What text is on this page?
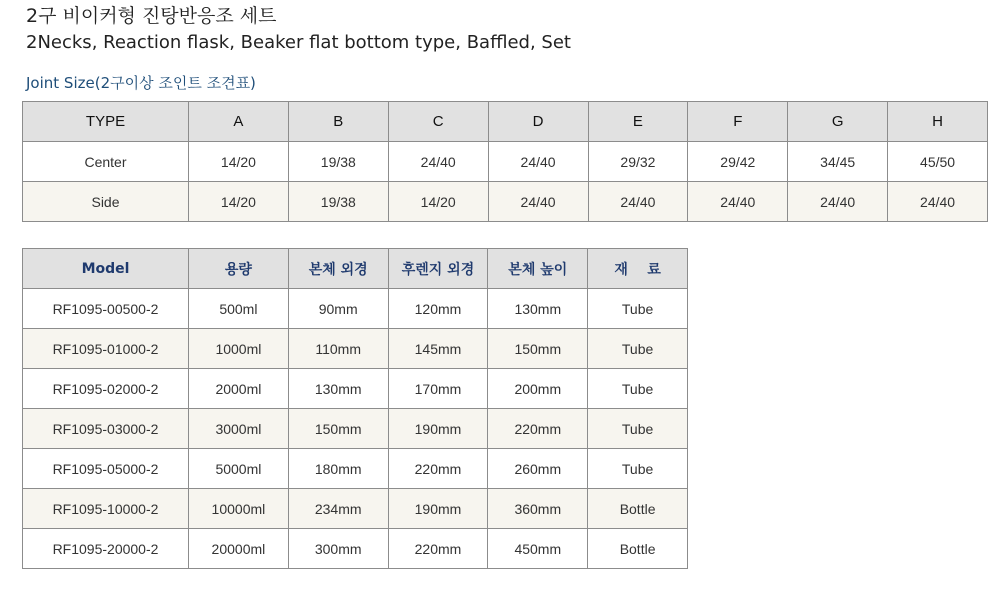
2구 비이커형 진탕반응조 세트
2Necks, Reaction flask, Beaker flat bottom type, Baffled, Set
Joint Size(2구이상 조인트 조견표)
TYPE	A	B	C	D	E	F	G	H
Center	14/20	19/38	24/40	24/40	29/32	29/42	34/45	45/50
Side	14/20	19/38	14/20	24/40	24/40	24/40	24/40	24/40
Model	용량	본체 외경	후렌지 외경	본체 높이	재    료
RF1095-00500-2	500ml	90mm	120mm	130mm	Tube
RF1095-01000-2	1000ml	110mm	145mm	150mm	Tube
RF1095-02000-2	2000ml	130mm	170mm	200mm	Tube
RF1095-03000-2	3000ml	150mm	190mm	220mm	Tube
RF1095-05000-2	5000ml	180mm	220mm	260mm	Tube
RF1095-10000-2	10000ml	234mm	190mm	360mm	Bottle
RF1095-20000-2	20000ml	300mm	220mm	450mm	Bottle
